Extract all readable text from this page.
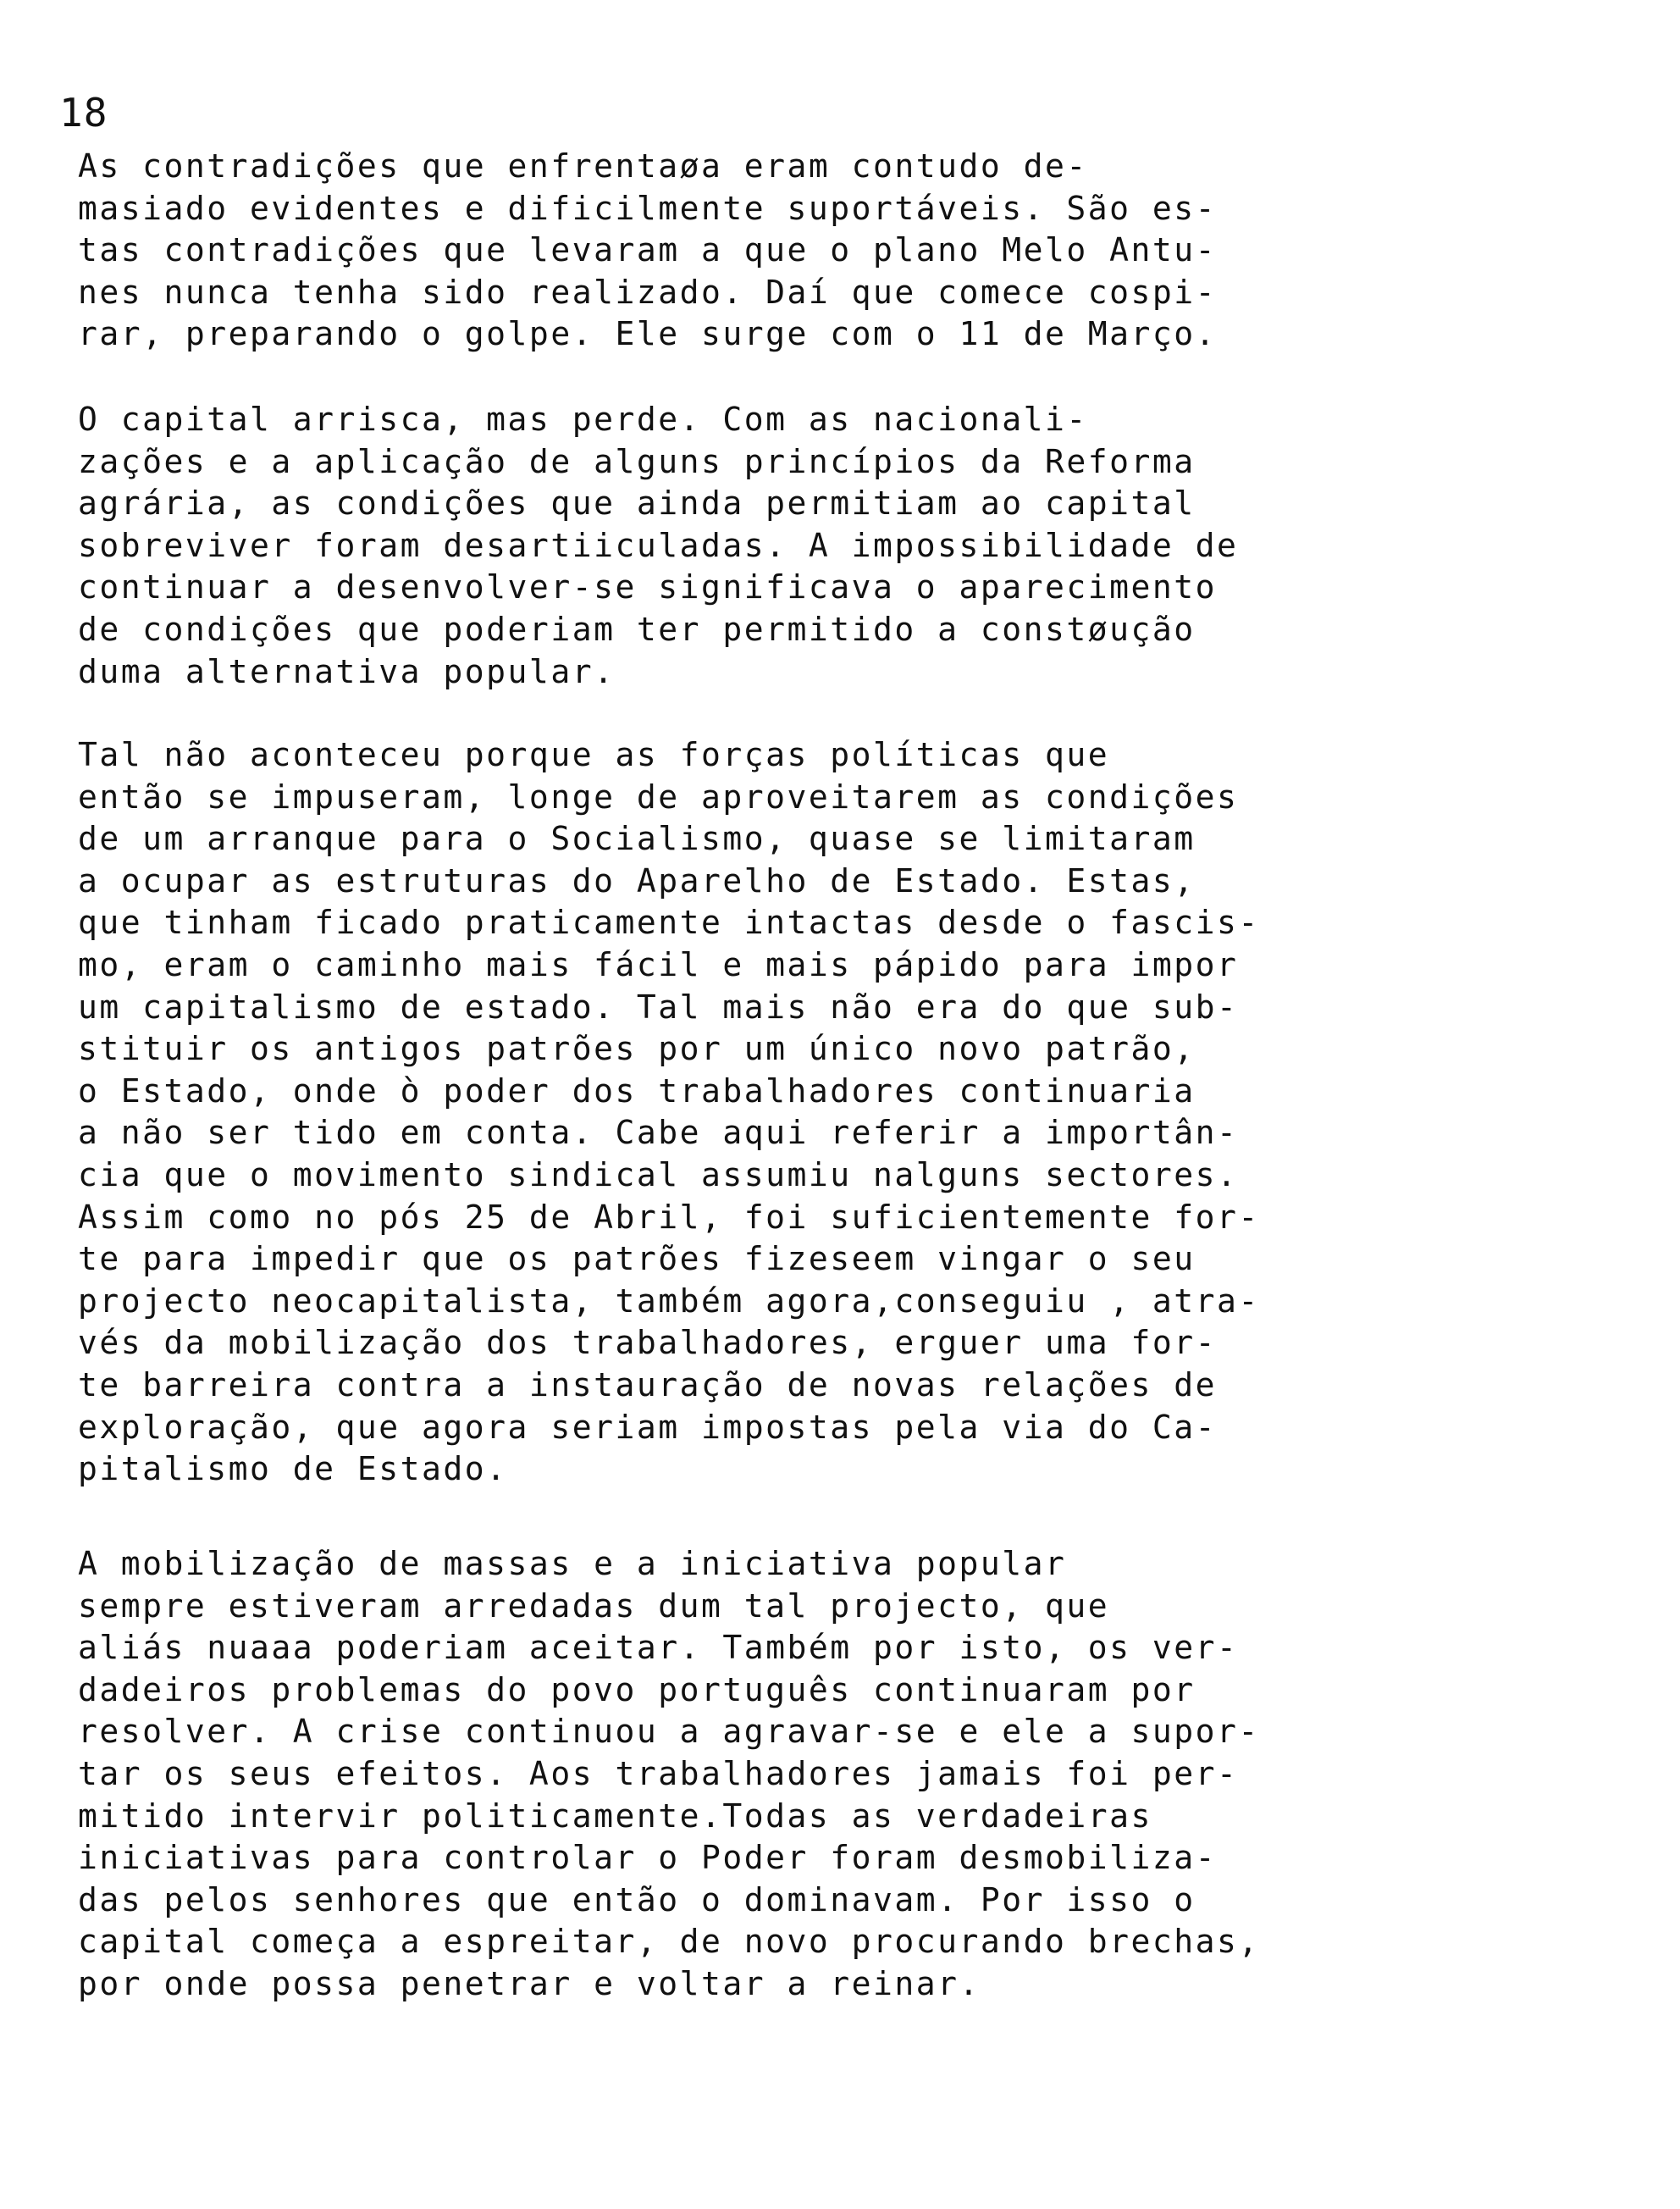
18

As contradições que enfrentaøa eram contudo de-
masiado evidentes e dificilmente suportáveis. São es-
tas contradições que levaram a que o plano Melo Antu-
nes nunca tenha sido realizado. Daí que comece cospi-
rar, preparando o golpe. Ele surge com o 11 de Março.

O capital arrisca, mas perde. Com as nacionali-
zações e a aplicação de alguns princípios da Reforma
agrária, as condições que ainda permitiam ao capital
sobreviver foram desartiiculadas. A impossibilidade de
continuar a desenvolver-se significava o aparecimento
de condições que poderiam ter permitido a constøução
duma alternativa popular.

Tal não aconteceu porque as forças políticas que
então se impuseram, longe de aproveitarem as condições
de um arranque para o Socialismo, quase se limitaram
a ocupar as estruturas do Aparelho de Estado. Estas,
que tinham ficado praticamente intactas desde o fascis-
mo, eram o caminho mais fácil e mais pápido para impor
um capitalismo de estado. Tal mais não era do que sub-
stituir os antigos patrões por um único novo patrão,
o Estado, onde ò poder dos trabalhadores continuaria
a não ser tido em conta. Cabe aqui referir a importân-
cia que o movimento sindical assumiu nalguns sectores.
Assim como no pós 25 de Abril, foi suficientemente for-
te para impedir que os patrões fizeseem vingar o seu
projecto neocapitalista, também agora,conseguiu , atra-
vés da mobilização dos trabalhadores, erguer uma for-
te barreira contra a instauração de novas relações de
exploração, que agora seriam impostas pela via do Ca-
pitalismo de Estado.

A mobilização de massas e a iniciativa popular
sempre estiveram arredadas dum tal projecto, que
aliás nuaaa poderiam aceitar. Também por isto, os ver-
dadeiros problemas do povo português continuaram por
resolver. A crise continuou a agravar-se e ele a supor-
tar os seus efeitos. Aos trabalhadores jamais foi per-
mitido intervir politicamente.Todas as verdadeiras
iniciativas para controlar o Poder foram desmobiliza-
das pelos senhores que então o dominavam. Por isso o
capital começa a espreitar, de novo procurando brechas,
por onde possa penetrar e voltar a reinar.
